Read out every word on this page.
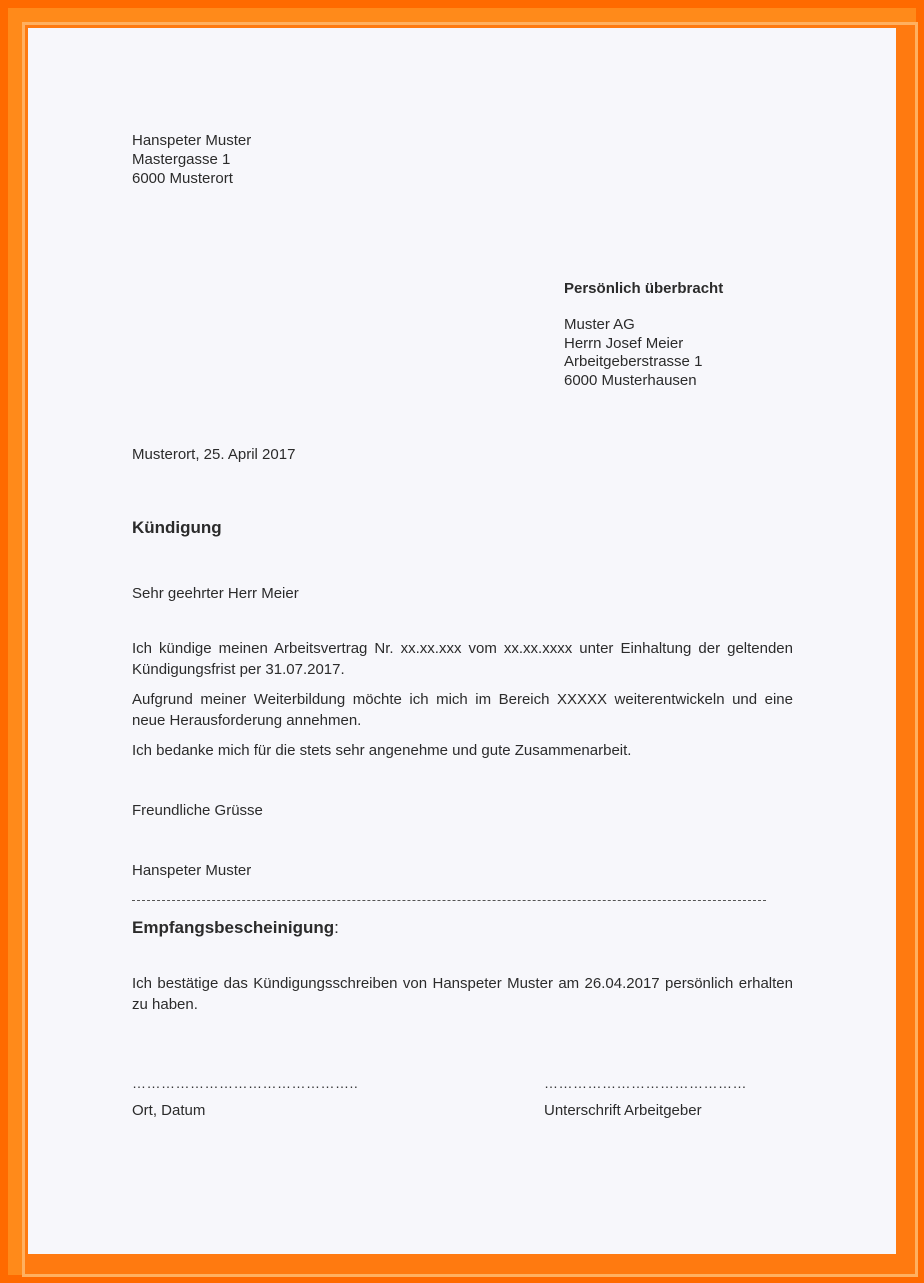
Hanspeter Muster
Mastergasse 1
6000 Musterort
Persönlich überbracht
Muster AG
Herrn Josef Meier
Arbeitgeberstrasse 1
6000 Musterhausen
Musterort, 25. April 2017
Kündigung
Sehr geehrter Herr Meier
Ich kündige meinen Arbeitsvertrag Nr. xx.xx.xxx vom xx.xx.xxxx unter Einhaltung der geltenden Kündigungsfrist per 31.07.2017.
Aufgrund meiner Weiterbildung möchte ich mich im Bereich XXXXX weiterentwickeln und eine neue Herausforderung annehmen.
Ich bedanke mich für die stets sehr angenehme und gute Zusammenarbeit.
Freundliche Grüsse
Hanspeter Muster
Empfangsbescheinigung:
Ich bestätige das Kündigungsschreiben von Hanspeter Muster am 26.04.2017 persönlich erhalten zu haben.
………………………………………..	……………………………………
Ort, Datum	Unterschrift Arbeitgeber
